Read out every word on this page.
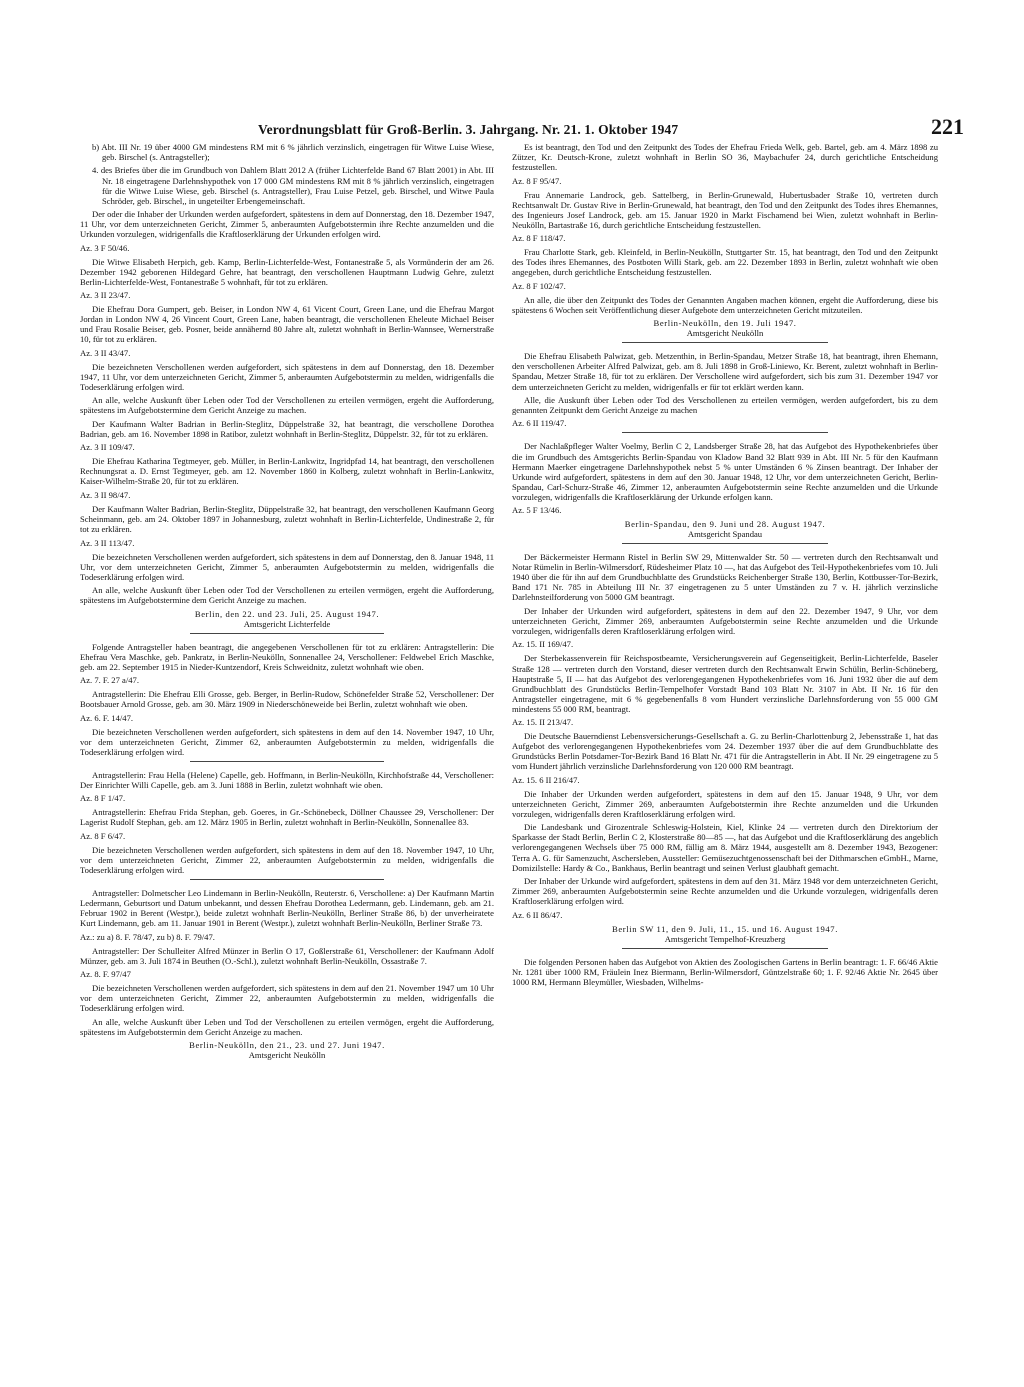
Verordnungsblatt für Groß-Berlin. 3. Jahrgang. Nr. 21. 1. Oktober 1947	221

b) Abt. III Nr. 19 über 4000 GM mindestens RM mit 6 % jährlich verzinslich, eingetragen für Witwe Luise Wiese, geb. Birschel (s. Antragsteller);

4. des Briefes über die im Grundbuch von Dahlem Blatt 2012 A (früher Lichterfelde Band 67 Blatt 2001) in Abt. III Nr. 18 eingetragene Darlehnshypothek von 17 000 GM mindestens RM mit 8 % jährlich verzinslich, eingetragen für die Witwe Luise Wiese, geb. Birschel (s. Antragsteller), Frau Luise Petzel, geb. Birschel, und Witwe Paula Schröder, geb. Birschel,, in ungeteilter Erbengemeinschaft.

Der oder die Inhaber der Urkunden werden aufgefordert, spätestens in dem auf Donnerstag, den 18. Dezember 1947, 11 Uhr, vor dem unterzeichneten Gericht, Zimmer 5, anberaumten Aufgebotstermin ihre Rechte anzumelden und die Urkunden vorzulegen, widrigenfalls die Kraftloserklärung der Urkunden erfolgen wird.

Az. 3 F 50/46.

Die Witwe Elisabeth Herpich, geb. Kamp, Berlin-Lichterfelde-West, Fontanestraße 5, als Vormünderin der am 26. Dezember 1942 geborenen Hildegard Gehre, hat beantragt, den verschollenen Hauptmann Ludwig Gehre, zuletzt Berlin-Lichterfelde-West, Fontanestraße 5 wohnhaft, für tot zu erklären.

Az. 3 II 23/47.

Die Ehefrau Dora Gumpert, geb. Beiser, in London NW 4, 61 Vicent Court, Green Lane, und die Ehefrau Margot Jordan in London NW 4, 26 Vincent Court, Green Lane, haben beantragt, die verschollenen Eheleute Michael Beiser und Frau Rosalie Beiser, geb. Posner, beide annähernd 80 Jahre alt, zuletzt wohnhaft in Berlin-Wannsee, Wernerstraße 10, für tot zu erklären.

Az. 3 II 43/47.

Die bezeichneten Verschollenen werden aufgefordert, sich spätestens in dem auf Donnerstag, den 18. Dezember 1947, 11 Uhr, vor dem unterzeichneten Gericht, Zimmer 5, anberaumten Aufgebotstermin zu melden, widrigenfalls die Todeserklärung erfolgen wird.

An alle, welche Auskunft über Leben oder Tod der Verschollenen zu erteilen vermögen, ergeht die Aufforderung, spätestens im Aufgebotstermine dem Gericht Anzeige zu machen.

Der Kaufmann Walter Badrian in Berlin-Steglitz, Düppelstraße 32, hat beantragt, die verschollene Dorothea Badrian, geb. am 16. November 1898 in Ratibor, zuletzt wohnhaft in Berlin-Steglitz, Düppelstr. 32, für tot zu erklären.

Az. 3 II 109/47.

Die Ehefrau Katharina Tegtmeyer, geb. Müller, in Berlin-Lankwitz, Ingridpfad 14, hat beantragt, den verschollenen Rechnungsrat a. D. Ernst Tegtmeyer, geb. am 12. November 1860 in Kolberg, zuletzt wohnhaft in Berlin-Lankwitz, Kaiser-Wilhelm-Straße 20, für tot zu erklären.

Az. 3 II 98/47.

Der Kaufmann Walter Badrian, Berlin-Steglitz, Düppelstraße 32, hat beantragt, den verschollenen Kaufmann Georg Scheinmann, geb. am 24. Oktober 1897 in Johannesburg, zuletzt wohnhaft in Berlin-Lichterfelde, Undinestraße 2, für tot zu erklären.

Az. 3 II 113/47.

Die bezeichneten Verschollenen werden aufgefordert, sich spätestens in dem auf Donnerstag, den 8. Januar 1948, 11 Uhr, vor dem unterzeichneten Gericht, Zimmer 5, anberaumten Aufgebotstermin zu melden, widrigenfalls die Todeserklärung erfolgen wird.

An alle, welche Auskunft über Leben oder Tod der Verschollenen zu erteilen vermögen, ergeht die Aufforderung, spätestens im Aufgebotstermine dem Gericht Anzeige zu machen.

Berlin, den 22. und 23. Juli, 25. August 1947.

Amtsgericht Lichterfelde

Folgende Antragsteller haben beantragt, die angegebenen Verschollenen für tot zu erklären: Antragstellerin: Die Ehefrau Vera Maschke, geb. Pankratz, in Berlin-Neukölln, Sonnenallee 24, Verschollener: Feldwebel Erich Maschke, geb. am 22. September 1915 in Nieder-Kuntzendorf, Kreis Schweidnitz, zuletzt wohnhaft wie oben.

Az. 7. F. 27 a/47.

Antragstellerin: Die Ehefrau Elli Grosse, geb. Berger, in Berlin-Rudow, Schönefelder Straße 52, Verschollener: Der Bootsbauer Arnold Grosse, geb. am 30. März 1909 in Niederschöneweide bei Berlin, zuletzt wohnhaft wie oben.

Az. 6. F. 14/47.

Die bezeichneten Verschollenen werden aufgefordert, sich spätestens in dem auf den 14. November 1947, 10 Uhr, vor dem unterzeichneten Gericht, Zimmer 62, anberaumten Aufgebotstermin zu melden, widrigenfalls die Todeserklärung erfolgen wird.

Antragstellerin: Frau Hella (Helene) Capelle, geb. Hoffmann, in Berlin-Neukölln, Kirchhofstraße 44, Verschollener: Der Einrichter Willi Capelle, geb. am 3. Juni 1888 in Berlin, zuletzt wohnhaft wie oben.

Az. 8 F 1/47.

Antragstellerin: Ehefrau Frida Stephan, geb. Goeres, in Gr.-Schönebeck, Döllner Chaussee 29, Verschollener: Der Lagerist Rudolf Stephan, geb. am 12. März 1905 in Berlin, zuletzt wohnhaft in Berlin-Neukölln, Sonnenallee 83.

Az. 8 F 6/47.

Die bezeichneten Verschollenen werden aufgefordert, sich spätestens in dem auf den 18. November 1947, 10 Uhr, vor dem unterzeichneten Gericht, Zimmer 22, anberaumten Aufgebotstermin zu melden, widrigenfalls die Todeserklärung erfolgen wird.

Antragsteller: Dolmetscher Leo Lindemann in Berlin-Neukölln, Reuterstr. 6, Verschollene: a) Der Kaufmann Martin Ledermann, Geburtsort und Datum unbekannt, und dessen Ehefrau Dorothea Ledermann, geb. Lindemann, geb. am 21. Februar 1902 in Berent (Westpr.), beide zuletzt wohnhaft Berlin-Neukölln, Berliner Straße 86, b) der unverheiratete Kurt Lindemann, geb. am 11. Januar 1901 in Berent (Westpr.), zuletzt wohnhaft Berlin-Neukölln, Berliner Straße 73.

Az.: zu a) 8. F. 78/47, zu b) 8. F. 79/47.

Antragsteller: Der Schulleiter Alfred Münzer in Berlin O 17, Goßlerstraße 61, Verschollener: der Kaufmann Adolf Münzer, geb. am 3. Juli 1874 in Beuthen (O.-Schl.), zuletzt wohnhaft Berlin-Neukölln, Ossastraße 7.

Az. 8. F. 97/47

Die bezeichneten Verschollenen werden aufgefordert, sich spätestens in dem auf den 21. November 1947 um 10 Uhr vor dem unterzeichneten Gericht, Zimmer 22, anberaumten Aufgebotstermin zu melden, widrigenfalls die Todeserklärung erfolgen wird.

An alle, welche Auskunft über Leben und Tod der Verschollenen zu erteilen vermögen, ergeht die Aufforderung, spätestens im Aufgebotstermin dem Gericht Anzeige zu machen.

Berlin-Neukölln, den 21., 23. und 27. Juni 1947.

Amtsgericht Neukölln

Es ist beantragt, den Tod und den Zeitpunkt des Todes der Ehefrau Frieda Welk, geb. Bartel, geb. am 4. März 1898 zu Zützer, Kr. Deutsch-Krone, zuletzt wohnhaft in Berlin SO 36, Maybachufer 24, durch gerichtliche Entscheidung festzustellen.

Az. 8 F 95/47.

Frau Annemarie Landrock, geb. Sattelberg, in Berlin-Grunewald, Hubertusbader Straße 10, vertreten durch Rechtsanwalt Dr. Gustav Rive in Berlin-Grunewald, hat beantragt, den Tod und den Zeitpunkt des Todes ihres Ehemannes, des Ingenieurs Josef Landrock, geb. am 15. Januar 1920 in Markt Fischamend bei Wien, zuletzt wohnhaft in Berlin-Neukölln, Bartastraße 16, durch gerichtliche Entscheidung festzustellen.

Az. 8 F 118/47.

Frau Charlotte Stark, geb. Kleinfeld, in Berlin-Neukölln, Stuttgarter Str. 15, hat beantragt, den Tod und den Zeitpunkt des Todes ihres Ehemannes, des Postboten Willi Stark, geb. am 22. Dezember 1893 in Berlin, zuletzt wohnhaft wie oben angegeben, durch gerichtliche Entscheidung festzustellen.

Az. 8 F 102/47.

An alle, die über den Zeitpunkt des Todes der Genannten Angaben machen können, ergeht die Aufforderung, diese bis spätestens 6 Wochen seit Veröffentlichung dieser Aufgebote dem unterzeichneten Gericht mitzuteilen.

Berlin-Neukölln, den 19. Juli 1947.

Amtsgericht Neukölln

Die Ehefrau Elisabeth Palwizat, geb. Metzenthin, in Berlin-Spandau, Metzer Straße 18, hat beantragt, ihren Ehemann, den verschollenen Arbeiter Alfred Palwizat, geb. am 8. Juli 1898 in Groß-Liniewo, Kr. Berent, zuletzt wohnhaft in Berlin-Spandau, Metzer Straße 18, für tot zu erklären. Der Verschollene wird aufgefordert, sich bis zum 31. Dezember 1947 vor dem unterzeichneten Gericht zu melden, widrigenfalls er für tot erklärt werden kann.

Alle, die Auskunft über Leben oder Tod des Verschollenen zu erteilen vermögen, werden aufgefordert, bis zu dem genannten Zeitpunkt dem Gericht Anzeige zu machen

Az. 6 II 119/47.

Der Nachlaßpfleger Walter Voelmy, Berlin C 2, Landsberger Straße 28, hat das Aufgebot des Hypothekenbriefes über die im Grundbuch des Amtsgerichts Berlin-Spandau von Kladow Band 32 Blatt 939 in Abt. III Nr. 5 für den Kaufmann Hermann Maerker eingetragene Darlehnshypothek nebst 5 % unter Umständen 6 % Zinsen beantragt. Der Inhaber der Urkunde wird aufgefordert, spätestens in dem auf den 30. Januar 1948, 12 Uhr, vor dem unterzeichneten Gericht, Berlin-Spandau, Carl-Schurz-Straße 46, Zimmer 12, anberaumten Aufgebotstermin seine Rechte anzumelden und die Urkunde vorzulegen, widrigenfalls die Kraftloserklärung der Urkunde erfolgen kann.

Az. 5 F 13/46.

Berlin-Spandau, den 9. Juni und 28. August 1947.

Amtsgericht Spandau

Der Bäckermeister Hermann Ristel in Berlin SW 29, Mittenwalder Str. 50 — vertreten durch den Rechtsanwalt und Notar Rümelin in Berlin-Wilmersdorf, Rüdesheimer Platz 10 —, hat das Aufgebot des Teil-Hypothekenbriefes vom 10. Juli 1940 über die für ihn auf dem Grundbuchblatte des Grundstücks Reichenberger Straße 130, Berlin, Kottbusser-Tor-Bezirk, Band 171 Nr. 785 in Abteilung III Nr. 37 eingetragenen zu 5 unter Umständen zu 7 v. H. jährlich verzinsliche Darlehnsteilforderung von 5000 GM beantragt.

Der Inhaber der Urkunden wird aufgefordert, spätestens in dem auf den 22. Dezember 1947, 9 Uhr, vor dem unterzeichneten Gericht, Zimmer 269, anberaumten Aufgebotstermin seine Rechte anzumelden und die Urkunde vorzulegen, widrigenfalls deren Kraftloserklärung erfolgen wird.

Az. 15. II 169/47.

Der Sterbekassenverein für Reichspostbeamte, Versicherungsverein auf Gegenseitigkeit, Berlin-Lichterfelde, Baseler Straße 128 — vertreten durch den Vorstand, dieser vertreten durch den Rechtsanwalt Erwin Schülin, Berlin-Schöneberg, Hauptstraße 5, II — hat das Aufgebot des verlorengegangenen Hypothekenbriefes vom 16. Juni 1932 über die auf dem Grundbuchblatt des Grundstücks Berlin-Tempelhofer Vorstadt Band 103 Blatt Nr. 3107 in Abt. II Nr. 16 für den Antragsteller eingetragene, mit 6 % gegebenenfalls 8 vom Hundert verzinsliche Darlehnsforderung von 55 000 GM mindestens 55 000 RM, beantragt.

Az. 15. II 213/47.

Die Deutsche Bauerndienst Lebensversicherungs-Gesellschaft a. G. zu Berlin-Charlottenburg 2, Jebensstraße 1, hat das Aufgebot des verlorengegangenen Hypothekenbriefes vom 24. Dezember 1937 über die auf dem Grundbuchblatte des Grundstücks Berlin Potsdamer-Tor-Bezirk Band 16 Blatt Nr. 471 für die Antragstellerin in Abt. II Nr. 29 eingetragene zu 5 vom Hundert jährlich verzinsliche Darlehnsforderung von 120 000 RM beantragt.

Az. 15. 6 II 216/47.

Die Inhaber der Urkunden werden aufgefordert, spätestens in dem auf den 15. Januar 1948, 9 Uhr, vor dem unterzeichneten Gericht, Zimmer 269, anberaumten Aufgebotstermin ihre Rechte anzumelden und die Urkunden vorzulegen, widrigenfalls deren Kraftloserklärung erfolgen wird.

Die Landesbank und Girozentrale Schleswig-Holstein, Kiel, Klinke 24 — vertreten durch den Direktorium der Sparkasse der Stadt Berlin, Berlin C 2, Klosterstraße 80—85 —, hat das Aufgebot und die Kraftloserklärung des angeblich verlorengegangenen Wechsels über 75 000 RM, fällig am 8. März 1944, ausgestellt am 8. Dezember 1943, Bezogener: Terra A. G. für Samenzucht, Aschersleben, Aussteller: Gemüsezuchtgenossenschaft bei der Dithmarschen eGmbH., Marne, Domizilstelle: Hardy & Co., Bankhaus, Berlin beantragt und seinen Verlust glaubhaft gemacht.

Der Inhaber der Urkunde wird aufgefordert, spätestens in dem auf den 31. März 1948 vor dem unterzeichneten Gericht, Zimmer 269, anberaumten Aufgebotstermin seine Rechte anzumelden und die Urkunde vorzulegen, widrigenfalls deren Kraftloserklärung erfolgen wird.

Az. 6 II 86/47.

Berlin SW 11, den 9. Juli, 11., 15. und 16. August 1947.

Amtsgericht Tempelhof-Kreuzberg

Die folgenden Personen haben das Aufgebot von Aktien des Zoologischen Gartens in Berlin beantragt: 1. F. 66/46 Aktie Nr. 1281 über 1000 RM, Fräulein Inez Biermann, Berlin-Wilmersdorf, Güntzelstraße 60; 1. F. 92/46 Aktie Nr. 2645 über 1000 RM, Hermann Bleymüller, Wiesbaden, Wilhelms-
